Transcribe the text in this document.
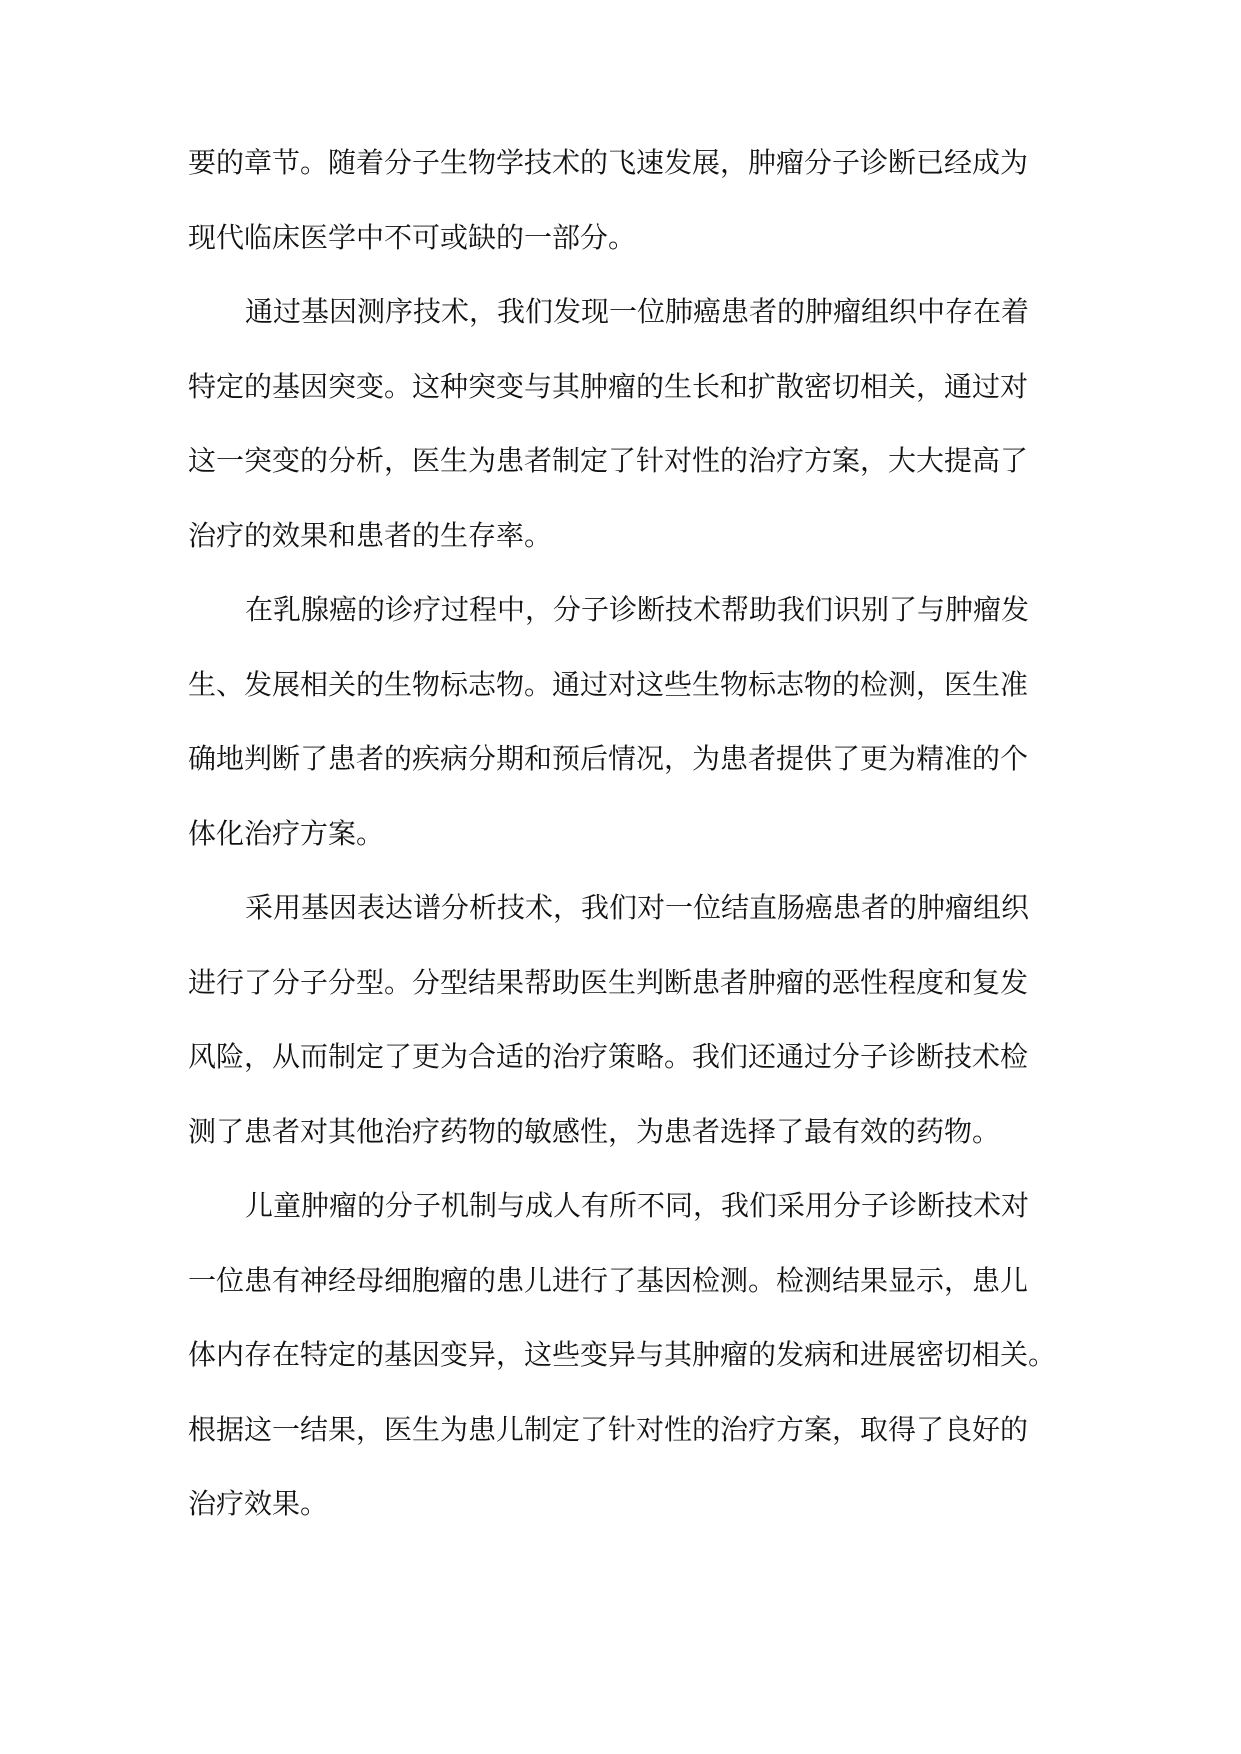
要的章节。随着分子生物学技术的飞速发展，肿瘤分子诊断已经成为
现代临床医学中不可或缺的一部分。
通过基因测序技术，我们发现一位肺癌患者的肿瘤组织中存在着
特定的基因突变。这种突变与其肿瘤的生长和扩散密切相关，通过对
这一突变的分析，医生为患者制定了针对性的治疗方案，大大提高了
治疗的效果和患者的生存率。
在乳腺癌的诊疗过程中，分子诊断技术帮助我们识别了与肿瘤发
生、发展相关的生物标志物。通过对这些生物标志物的检测，医生准
确地判断了患者的疾病分期和预后情况，为患者提供了更为精准的个
体化治疗方案。
采用基因表达谱分析技术，我们对一位结直肠癌患者的肿瘤组织
进行了分子分型。分型结果帮助医生判断患者肿瘤的恶性程度和复发
风险，从而制定了更为合适的治疗策略。我们还通过分子诊断技术检
测了患者对其他治疗药物的敏感性，为患者选择了最有效的药物。
儿童肿瘤的分子机制与成人有所不同，我们采用分子诊断技术对
一位患有神经母细胞瘤的患儿进行了基因检测。检测结果显示，患儿
体内存在特定的基因变异，这些变异与其肿瘤的发病和进展密切相关。
根据这一结果，医生为患儿制定了针对性的治疗方案，取得了良好的
治疗效果。
